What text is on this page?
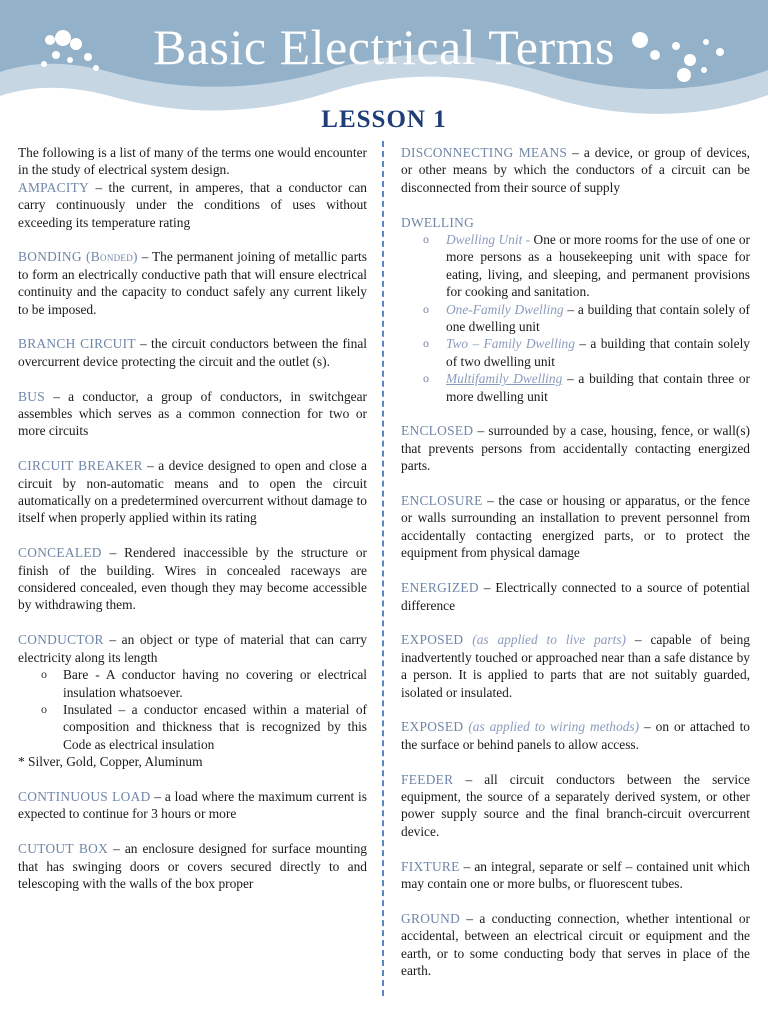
Basic Electrical Terms
LESSON 1

The following is a list of many of the terms one would encounter in the study of electrical system design.

AMPACITY – the current, in amperes, that a conductor can carry continuously under the conditions of uses without exceeding its temperature rating

BONDING (Bonded) – The permanent joining of metallic parts to form an electrically conductive path that will ensure electrical continuity and the capacity to conduct safely any current likely to be imposed.

BRANCH CIRCUIT – the circuit conductors between the final overcurrent device protecting the circuit and the outlet (s).

BUS – a conductor, a group of conductors, in switchgear assembles which serves as a common connection for two or more circuits

CIRCUIT BREAKER – a device designed to open and close a circuit by non-automatic means and to open the circuit automatically on a predetermined overcurrent without damage to itself when properly applied within its rating

CONCEALED – Rendered inaccessible by the structure or finish of the building. Wires in concealed raceways are considered concealed, even though they may become accessible by withdrawing them.

CONDUCTOR – an object or type of material that can carry electricity along its length
o Bare - A conductor having no covering or electrical insulation whatsoever.
o Insulated – a conductor encased within a material of composition and thickness that is recognized by this Code as electrical insulation

* Silver, Gold, Copper, Aluminum

CONTINUOUS LOAD – a load where the maximum current is expected to continue for 3 hours or more

CUTOUT BOX – an enclosure designed for surface mounting that has swinging doors or covers secured directly to and telescoping with the walls of the box proper

DISCONNECTING MEANS – a device, or group of devices, or other means by which the conductors of a circuit can be disconnected from their source of supply

DWELLING
o Dwelling Unit - One or more rooms for the use of one or more persons as a housekeeping unit with space for eating, living, and sleeping, and permanent provisions for cooking and sanitation.
o One-Family Dwelling – a building that contain solely of one dwelling unit
o Two – Family Dwelling – a building that contain solely of two dwelling unit
o Multifamily Dwelling – a building that contain three or more dwelling unit

ENCLOSED – surrounded by a case, housing, fence, or wall(s) that prevents persons from accidentally contacting energized parts.

ENCLOSURE – the case or housing or apparatus, or the fence or walls surrounding an installation to prevent personnel from accidentally contacting energized parts, or to protect the equipment from physical damage

ENERGIZED – Electrically connected to a source of potential difference

EXPOSED (as applied to live parts) – capable of being inadvertently touched or approached near than a safe distance by a person. It is applied to parts that are not suitably guarded, isolated or insulated.

EXPOSED (as applied to wiring methods) – on or attached to the surface or behind panels to allow access.

FEEDER – all circuit conductors between the service equipment, the source of a separately derived system, or other power supply source and the final branch-circuit overcurrent device.

FIXTURE – an integral, separate or self – contained unit which may contain one or more bulbs, or fluorescent tubes.

GROUND – a conducting connection, whether intentional or accidental, between an electrical circuit or equipment and the earth, or to some conducting body that serves in place of the earth.
